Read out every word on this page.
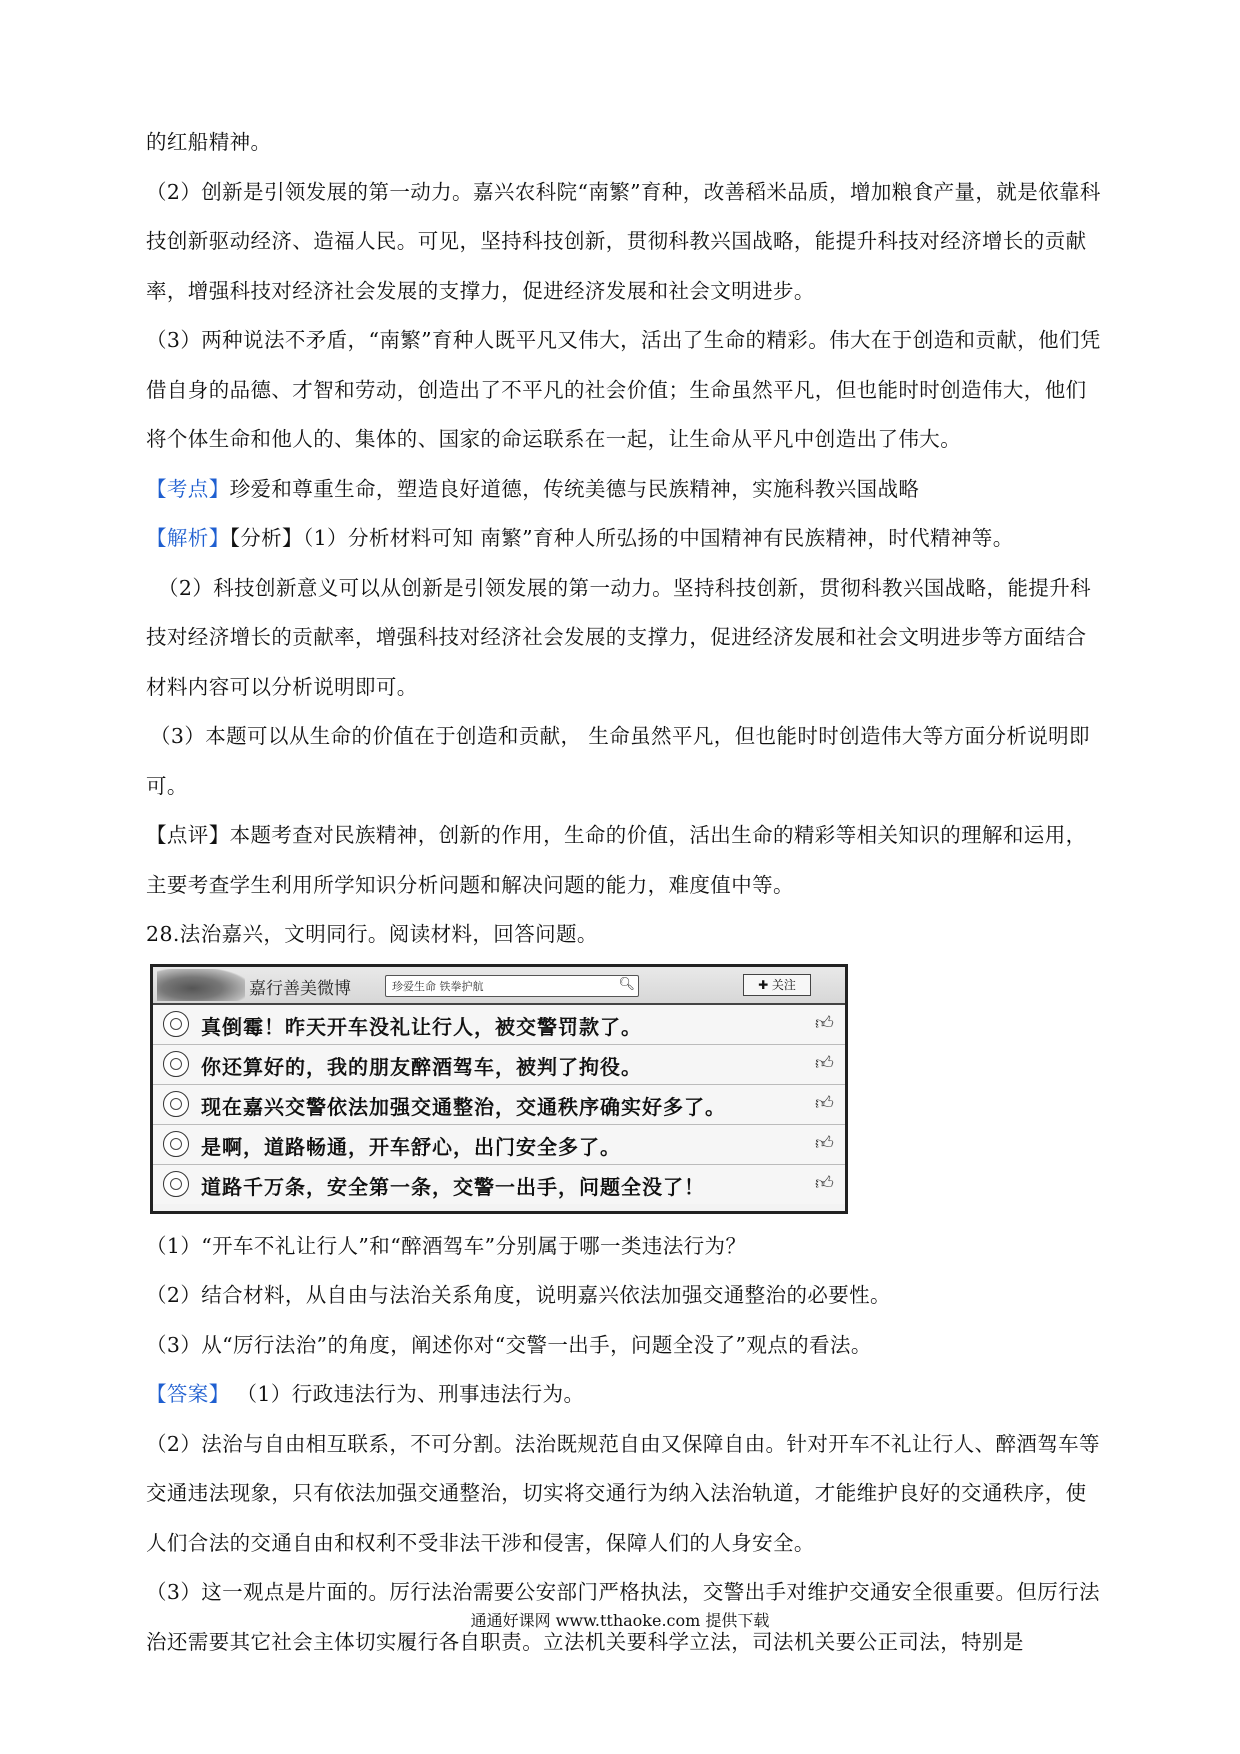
的红船精神。

（2）创新是引领发展的第一动力。嘉兴农科院“南繁”育种，改善稻米品质，增加粮食产量，就是依靠科技创新驱动经济、造福人民。可见，坚持科技创新，贯彻科教兴国战略，能提升科技对经济增长的贡献率，增强科技对经济社会发展的支撑力，促进经济发展和社会文明进步。

（3）两种说法不矛盾，“南繁”育种人既平凡又伟大，活出了生命的精彩。伟大在于创造和贡献，他们凭借自身的品德、才智和劳动，创造出了不平凡的社会价值；生命虽然平凡，但也能时时创造伟大，他们将个体生命和他人的、集体的、国家的命运联系在一起，让生命从平凡中创造出了伟大。

【考点】珍爱和尊重生命，塑造良好道德，传统美德与民族精神，实施科教兴国战略

【解析】【分析】（1）分析材料可知 南繁”育种人所弘扬的中国精神有民族精神，时代精神等。

（2）科技创新意义可以从创新是引领发展的第一动力。坚持科技创新，贯彻科教兴国战略，能提升科技对经济增长的贡献率，增强科技对经济社会发展的支撑力，促进经济发展和社会文明进步等方面结合材料内容可以分析说明即可。

（3）本题可以从生命的价值在于创造和贡献， 生命虽然平凡，但也能时时创造伟大等方面分析说明即可。

【点评】本题考查对民族精神，创新的作用，生命的价值，活出生命的精彩等相关知识的理解和运用，主要考查学生利用所学知识分析问题和解决问题的能力，难度值中等。

28.法治嘉兴，文明同行。阅读材料，回答问题。

嘉行善美微博	珍爱生命 铁拳护航	🔍︎	✚ 关注
真倒霉！昨天开车没礼让行人，被交警罚款了。	👍︎
你还算好的，我的朋友醉酒驾车，被判了拘役。	👍︎
现在嘉兴交警依法加强交通整治，交通秩序确实好多了。	👍︎
是啊，道路畅通，开车舒心，出门安全多了。	👍︎
道路千万条，安全第一条，交警一出手，问题全没了！	👍︎

（1）“开车不礼让行人”和“醉酒驾车”分别属于哪一类违法行为？

（2）结合材料，从自由与法治关系角度，说明嘉兴依法加强交通整治的必要性。

（3）从“厉行法治”的角度，阐述你对“交警一出手，问题全没了”观点的看法。

【答案】 （1）行政违法行为、刑事违法行为。

（2）法治与自由相互联系，不可分割。法治既规范自由又保障自由。针对开车不礼让行人、醉酒驾车等交通违法现象，只有依法加强交通整治，切实将交通行为纳入法治轨道，才能维护良好的交通秩序，使人们合法的交通自由和权利不受非法干涉和侵害，保障人们的人身安全。

（3）这一观点是片面的。厉行法治需要公安部门严格执法，交警出手对维护交通安全很重要。但厉行法治还需要其它社会主体切实履行各自职责。立法机关要科学立法，司法机关要公正司法，特别是

通通好课网 www.tthaoke.com 提供下载
